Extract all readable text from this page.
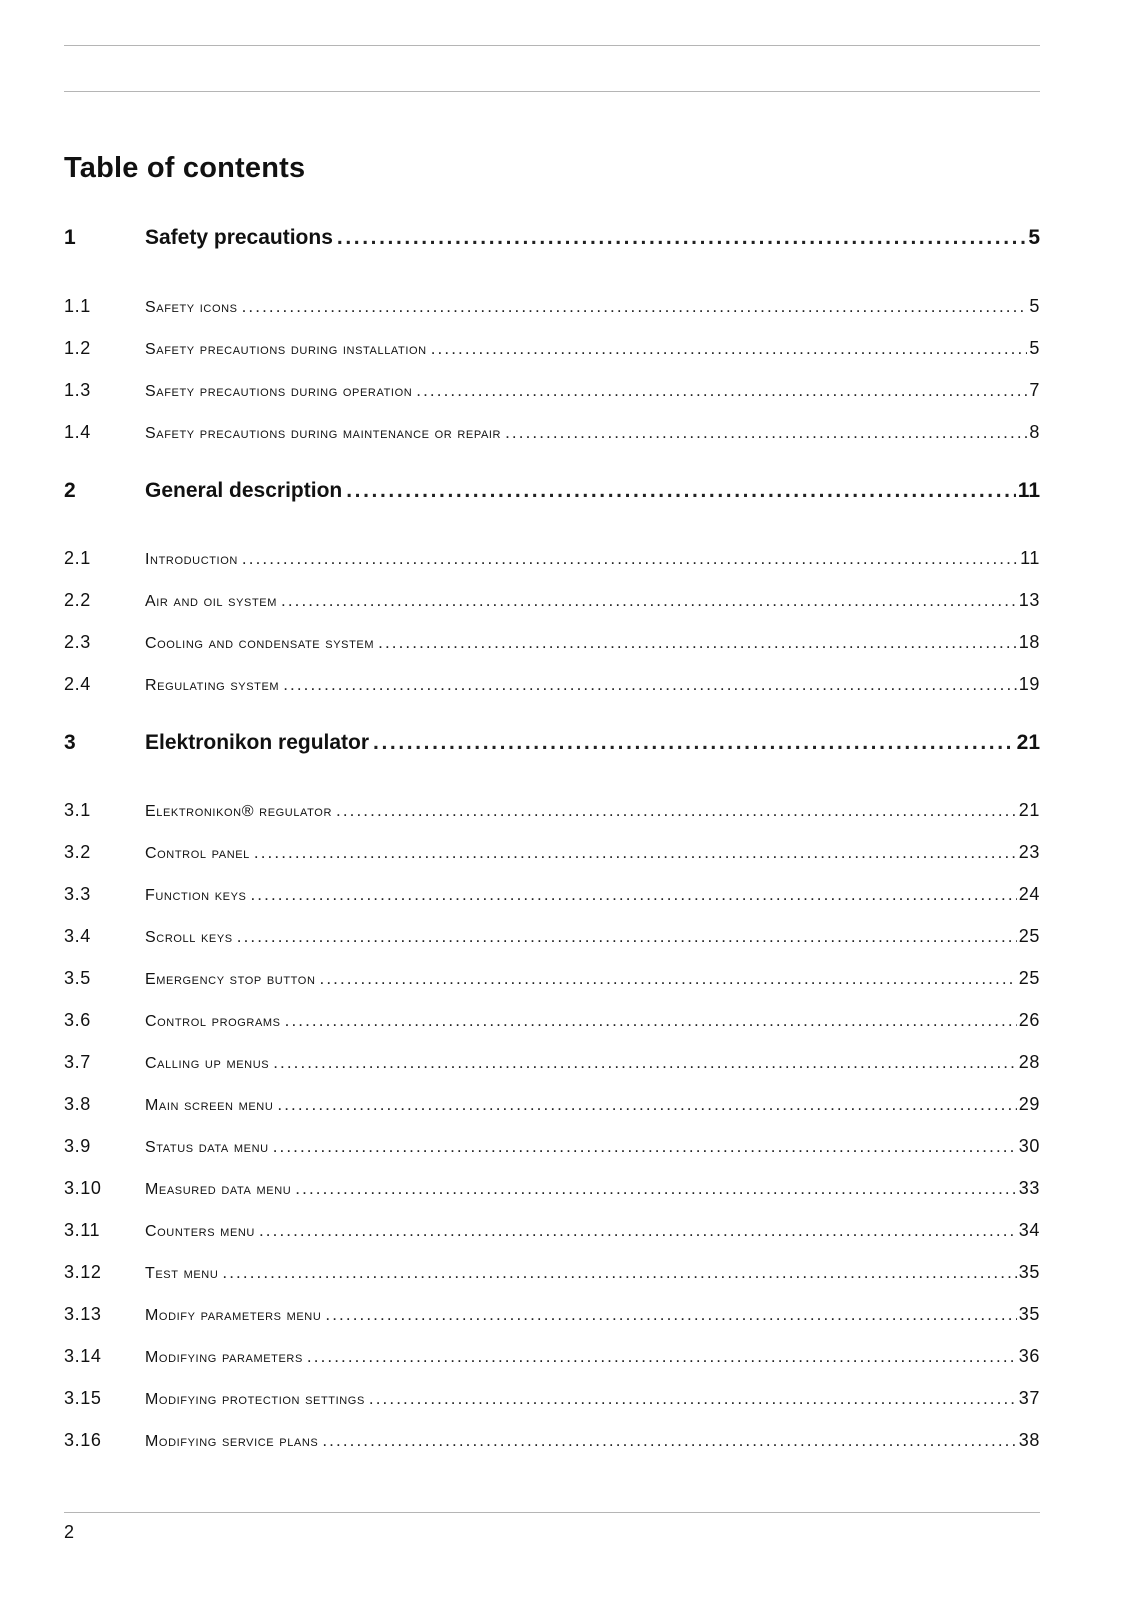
Table of contents
1	Safety precautions .....	5
1.1	Safety icons .....	5
1.2	Safety precautions during installation .....	5
1.3	Safety precautions during operation .....	7
1.4	Safety precautions during maintenance or repair .....	8
2	General description .....	11
2.1	Introduction .....	11
2.2	Air and oil system .....	13
2.3	Cooling and condensate system .....	18
2.4	Regulating system .....	19
3	Elektronikon regulator .....	21
3.1	Elektronikon® regulator .....	21
3.2	Control panel .....	23
3.3	Function keys .....	24
3.4	Scroll keys .....	25
3.5	Emergency stop button .....	25
3.6	Control programs .....	26
3.7	Calling up menus .....	28
3.8	Main screen menu .....	29
3.9	Status data menu .....	30
3.10	Measured data menu .....	33
3.11	Counters menu .....	34
3.12	Test menu .....	35
3.13	Modify parameters menu .....	35
3.14	Modifying parameters .....	36
3.15	Modifying protection settings .....	37
3.16	Modifying service plans .....	38
2
